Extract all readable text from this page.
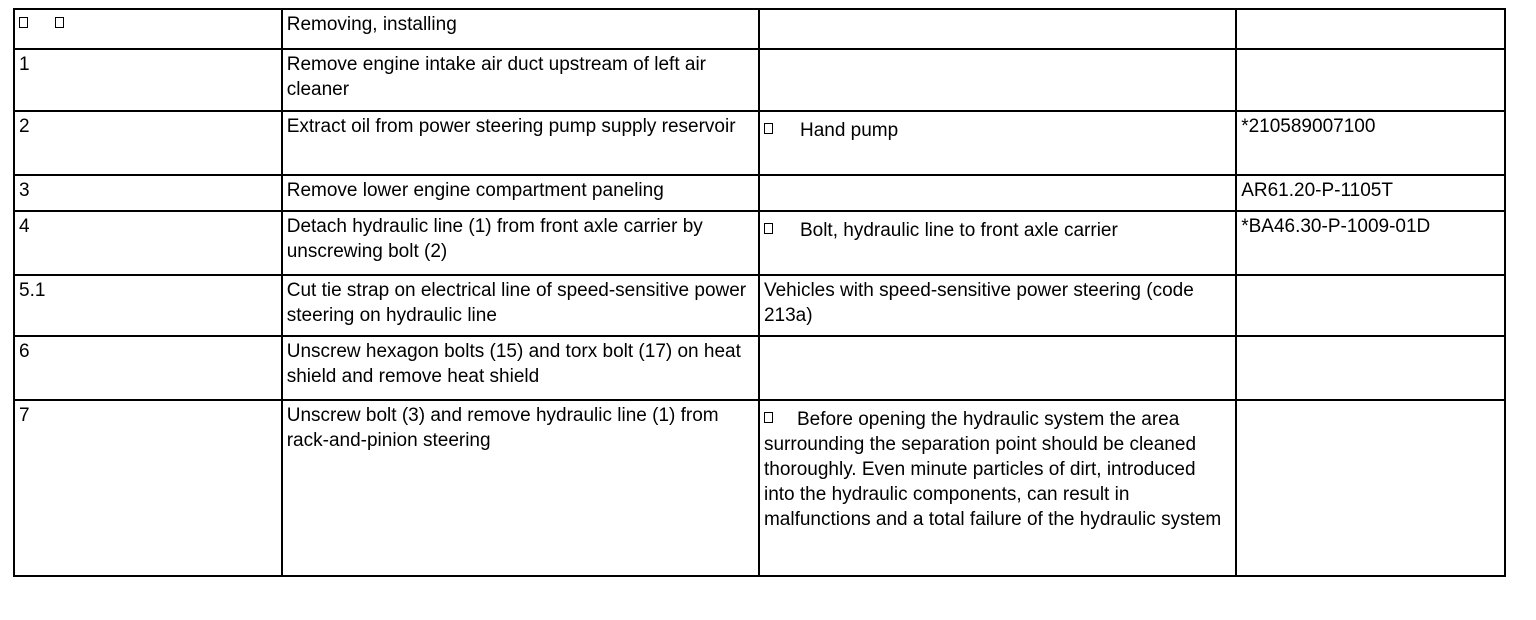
	Removing, installing		
1	Remove engine intake air duct upstream of left air cleaner		
2	Extract oil from power steering pump supply reservoir	Hand pump	*210589007100
3	Remove lower engine compartment paneling		AR61.20-P-1105T
4	Detach hydraulic line (1) from front axle carrier by unscrewing bolt (2)	Bolt, hydraulic line to front axle carrier	*BA46.30-P-1009-01D
5.1	Cut tie strap on electrical line of speed-sensitive power steering on hydraulic line	Vehicles with speed-sensitive power steering (code 213a)	
6	Unscrew hexagon bolts (15) and torx bolt (17) on heat shield and remove heat shield		
7	Unscrew bolt (3) and remove hydraulic line (1) from rack-and-pinion steering	Before opening the hydraulic system the area surrounding the separation point should be cleaned thoroughly. Even minute particles of dirt, introduced into the hydraulic components, can result in malfunctions and a total failure of the hydraulic system	
